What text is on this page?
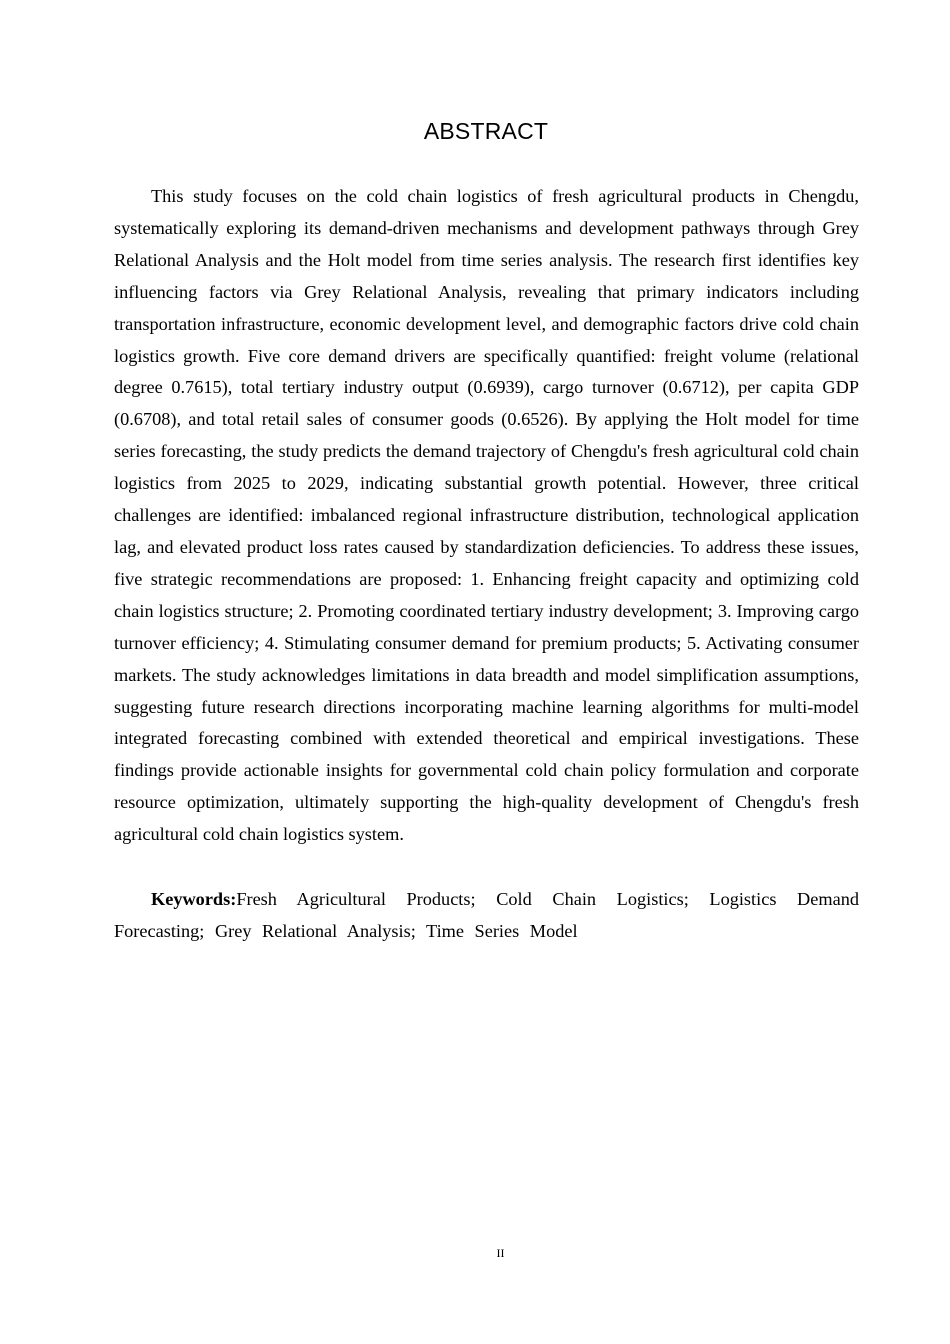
ABSTRACT

This study focuses on the cold chain logistics of fresh agricultural products in Chengdu, systematically exploring its demand-driven mechanisms and development pathways through Grey Relational Analysis and the Holt model from time series analysis. The research first identifies key influencing factors via Grey Relational Analysis, revealing that primary indicators including transportation infrastructure, economic development level, and demographic factors drive cold chain logistics growth. Five core demand drivers are specifically quantified: freight volume (relational degree 0.7615), total tertiary industry output (0.6939), cargo turnover (0.6712), per capita GDP (0.6708), and total retail sales of consumer goods (0.6526). By applying the Holt model for time series forecasting, the study predicts the demand trajectory of Chengdu's fresh agricultural cold chain logistics from 2025 to 2029, indicating substantial growth potential. However, three critical challenges are identified: imbalanced regional infrastructure distribution, technological application lag, and elevated product loss rates caused by standardization deficiencies. To address these issues, five strategic recommendations are proposed: 1. Enhancing freight capacity and optimizing cold chain logistics structure; 2. Promoting coordinated tertiary industry development; 3. Improving cargo turnover efficiency; 4. Stimulating consumer demand for premium products; 5. Activating consumer markets. The study acknowledges limitations in data breadth and model simplification assumptions, suggesting future research directions incorporating machine learning algorithms for multi-model integrated forecasting combined with extended theoretical and empirical investigations. These findings provide actionable insights for governmental cold chain policy formulation and corporate resource optimization, ultimately supporting the high-quality development of Chengdu's fresh agricultural cold chain logistics system.

Keywords:Fresh Agricultural Products; Cold Chain Logistics; Logistics Demand Forecasting; Grey Relational Analysis; Time Series Model

II
